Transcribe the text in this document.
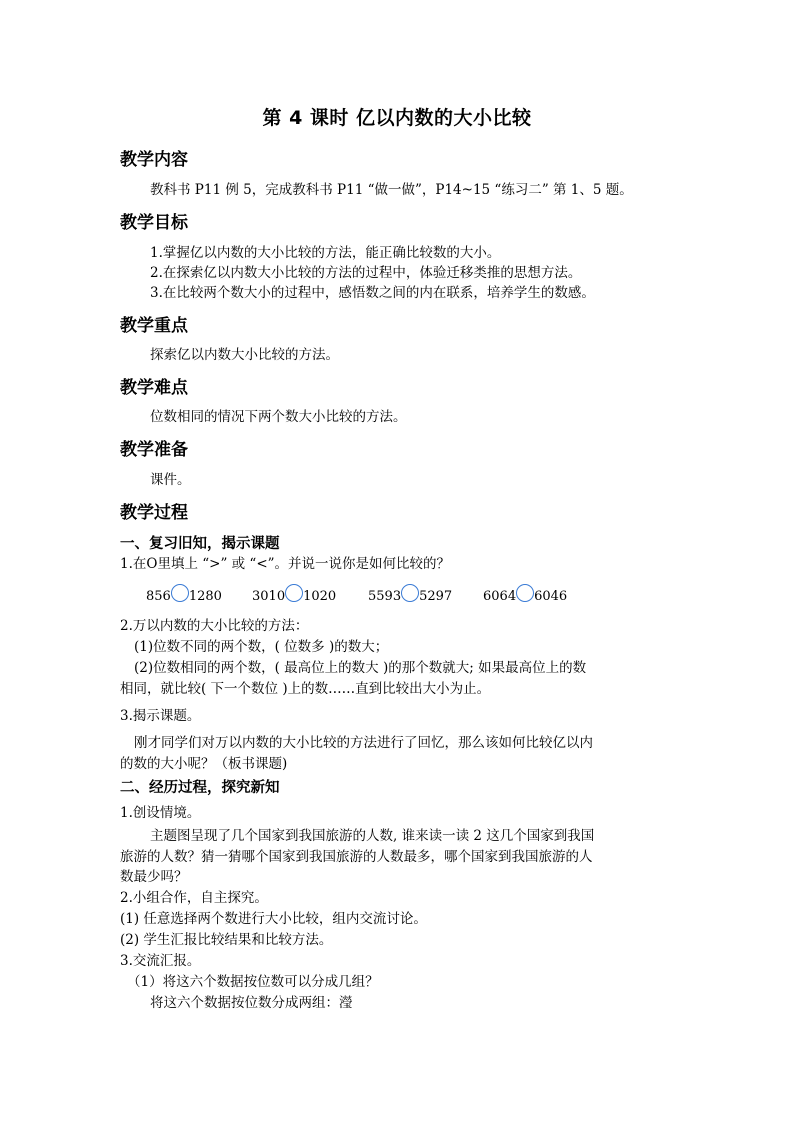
第 4 课时 亿以内数的大小比较
教学内容
教科书 P11 例 5，完成教科书 P11 “做一做”，P14~15 “练习二” 第 1、5 题。
教学目标
1.掌握亿以内数的大小比较的方法，能正确比较数的大小。
2.在探索亿以内数大小比较的方法的过程中，体验迁移类推的思想方法。
3.在比较两个数大小的过程中，感悟数之间的内在联系，培养学生的数感。
教学重点
探索亿以内数大小比较的方法。
教学难点
位数相同的情况下两个数大小比较的方法。
教学准备
课件。
教学过程
一、复习旧知，揭示课题
1.在O里填上 “>” 或 “<”。并说一说你是如何比较的？
856 1280 3010 1020 5593 5297 6064 6046
2.万以内数的大小比较的方法：
(1)位数不同的两个数，( 位数多 )的数大；
(2)位数相同的两个数，( 最高位上的数大 )的那个数就大; 如果最高位上的数
相同，就比较( 下一个数位 )上的数……直到比较出大小为止。
3.揭示课题。
刚才同学们对万以内数的大小比较的方法进行了回忆，那么该如何比较亿以内
的数的大小呢？（板书课题)
二、经历过程，探究新知
1.创设情境。
主题图呈现了几个国家到我国旅游的人数, 谁来读一读 2 这几个国家到我国
旅游的人数？猜一猜哪个国家到我国旅游的人数最多，哪个国家到我国旅游的人
数最少吗？
2.小组合作，自主探究。
(1) 任意选择两个数进行大小比较，组内交流讨论。
(2) 学生汇报比较结果和比较方法。
3.交流汇报。
（1）将这六个数据按位数可以分成几组？
将这六个数据按位数分成两组：瀅
